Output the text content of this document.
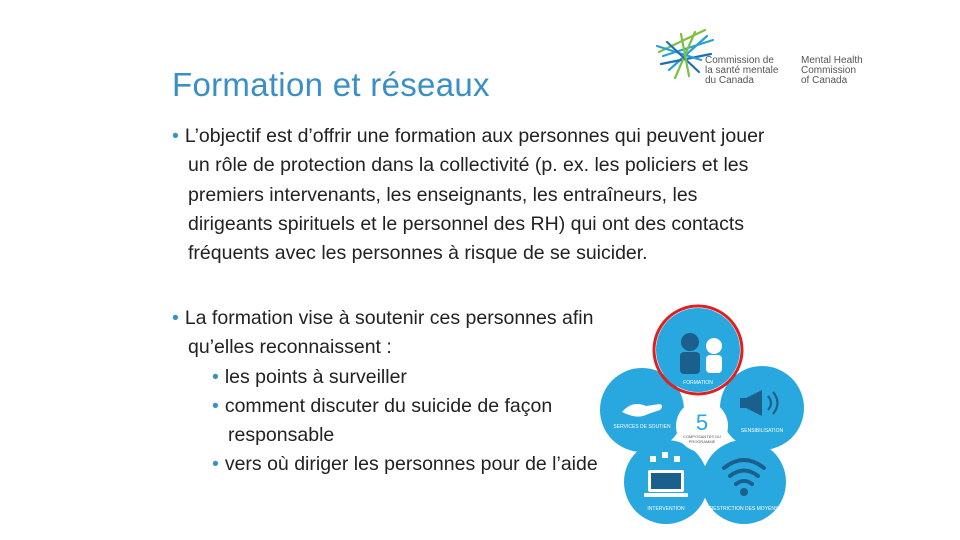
Formation et réseaux
Commission de
la santé mentale
du Canada
Mental Health
Commission
of Canada

• L’objectif est d’offrir une formation aux personnes qui peuvent jouer un rôle de protection dans la collectivité (p. ex. les policiers et les premiers intervenants, les enseignants, les entraîneurs, les dirigeants spirituels et le personnel des RH) qui ont des contacts fréquents avec les personnes à risque de se suicider.

• La formation vise à soutenir ces personnes afin qu’elles reconnaissent :
• les points à surveiller
• comment discuter du suicide de façon responsable
• vers où diriger les personnes pour de l’aide
FORMATION
SENSIBILISATION
RESTRICTION DES MOYENS
INTERVENTION
SERVICES DE SOUTIEN 5
COMPOSANTES DU
PROGRAMME
